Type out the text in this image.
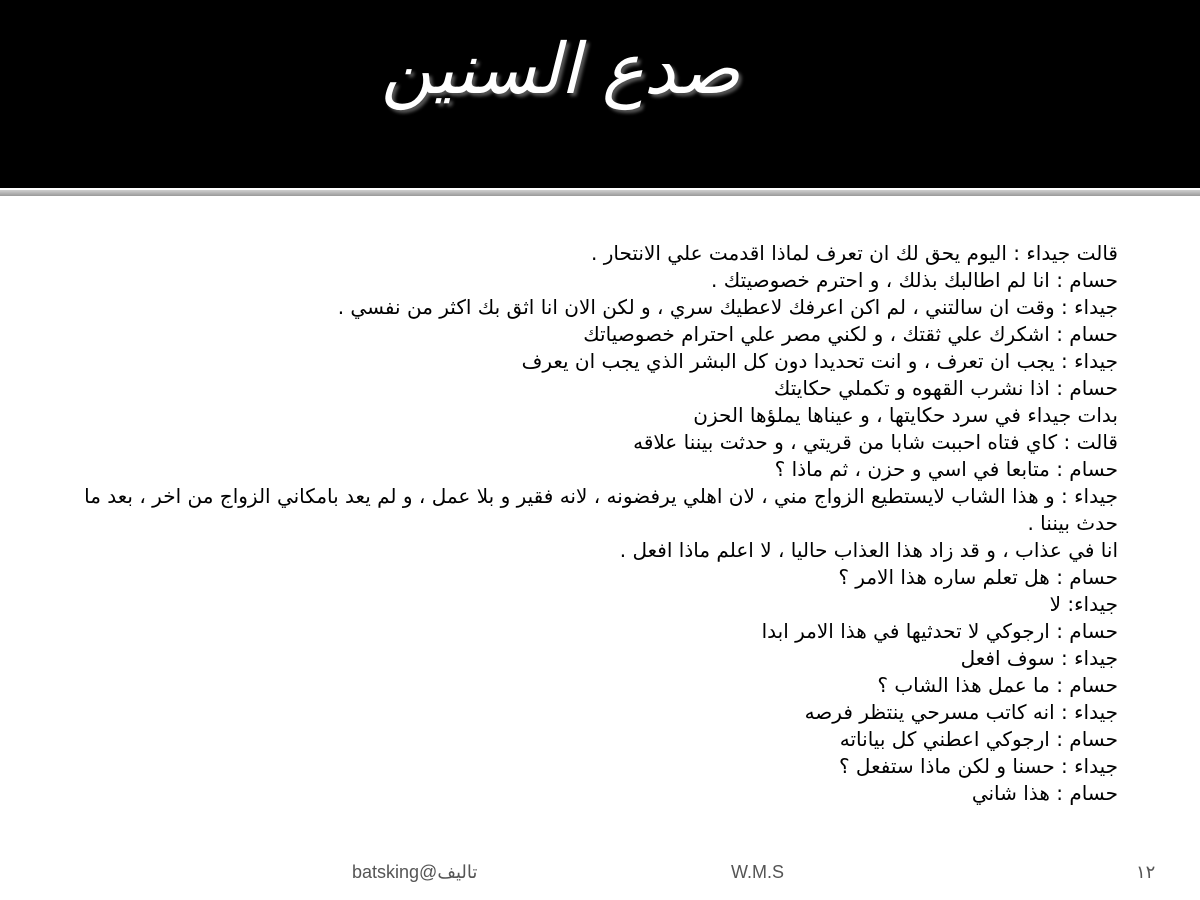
صدع السنين
قالت جيداء : اليوم يحق لك ان تعرف لماذا اقدمت علي الانتحار .
حسام : انا لم اطالبك بذلك ، و احترم خصوصيتك .
جيداء : وقت ان سالتني ، لم اكن اعرفك لاعطيك سري ، و لكن الان انا اثق بك اكثر من نفسي .
حسام : اشكرك علي ثقتك ، و لكني مصر علي احترام خصوصياتك
جيداء : يجب ان تعرف ، و انت تحديدا دون كل البشر الذي يجب ان يعرف
حسام : اذا نشرب القهوه و تكملي حكايتك
بدات جيداء في سرد حكايتها ، و عيناها يملؤها الحزن
قالت : كاي فتاه احببت شابا من قريتي ، و حدثت بيننا علاقه
حسام : متابعا في اسي و حزن ، ثم ماذا ؟
جيداء : و هذا الشاب لايستطيع الزواج مني ، لان اهلي يرفضونه ، لانه فقير و بلا عمل ، و لم يعد بامكاني الزواج من اخر ، بعد ما حدث بيننا .
انا في عذاب ، و قد زاد هذا العذاب حاليا ، لا اعلم ماذا افعل .
حسام : هل تعلم ساره هذا الامر ؟
جيداء: لا
حسام : ارجوكي لا تحدثيها في هذا الامر ابدا
جيداء : سوف افعل
حسام : ما عمل هذا الشاب ؟
جيداء : انه كاتب مسرحي ينتظر فرصه
حسام : ارجوكي اعطني كل بياناته
جيداء : حسنا و لكن ماذا ستفعل ؟
حسام : هذا شاني
batsking@تاليف	W.M.S	١٢
